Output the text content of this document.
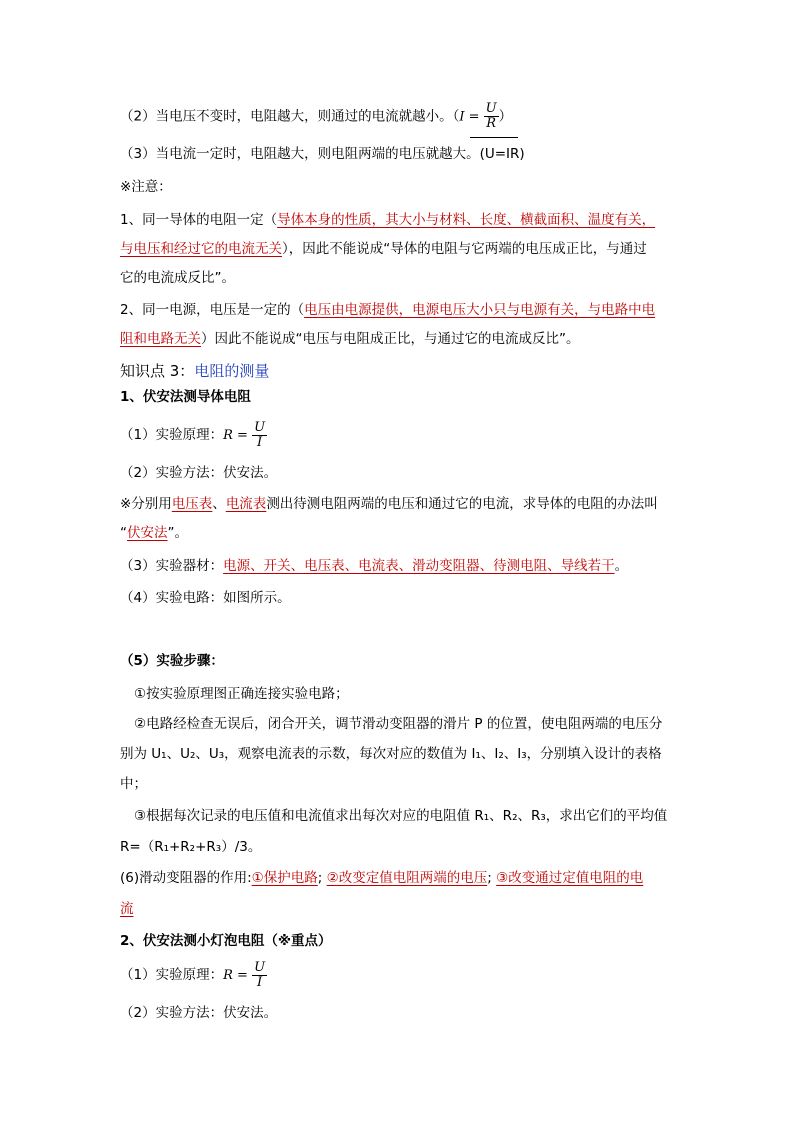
（2）当电压不变时，电阻越大，则通过的电流就越小。（$I = \frac{U}{R}$ ）
（3）当电流一定时，电阻越大，则电阻两端的电压就越大。(U=IR)
※注意：
1、同一导体的电阻一定（导体本身的性质，其大小与材料、长度、横截面积、温度有关，
与电压和经过它的电流无关），因此不能说成“导体的电阻与它两端的电压成正比，与通过
它的电流成反比”。
2、同一电源，电压是一定的（电压由电源提供，电源电压大小只与电源有关，与电路中电
阻和电路无关）因此不能说成“电压与电阻成正比，与通过它的电流成反比”。
知识点 3：电阻的测量
1、伏安法测导体电阻
（1）实验原理：$R = \frac{U}{I}$
（2）实验方法：伏安法。
※分别用电压表、电流表测出待测电阻两端的电压和通过它的电流，求导体的电阻的办法叫
“伏安法”。
（3）实验器材：电源、开关、电压表、电流表、滑动变阻器、待测电阻、导线若干。
（4）实验电路：如图所示。
（5）实验步骤：
①按实验原理图正确连接实验电路；
②电路经检查无误后，闭合开关，调节滑动变阻器的滑片 P 的位置，使电阻两端的电压分
别为 U₁、U₂、U₃，观察电流表的示数，每次对应的数值为 I₁、I₂、I₃，分别填入设计的表格
中；
③根据每次记录的电压值和电流值求出每次对应的电阻值 R₁、R₂、R₃，求出它们的平均值
R=（R₁+R₂+R₃）/3。
(6)滑动变阻器的作用:①保护电路; ②改变定值电阻两端的电压; ③改变通过定值电阻的电
流
2、伏安法测小灯泡电阻（※重点）
（1）实验原理：$R = \frac{U}{I}$
（2）实验方法：伏安法。
